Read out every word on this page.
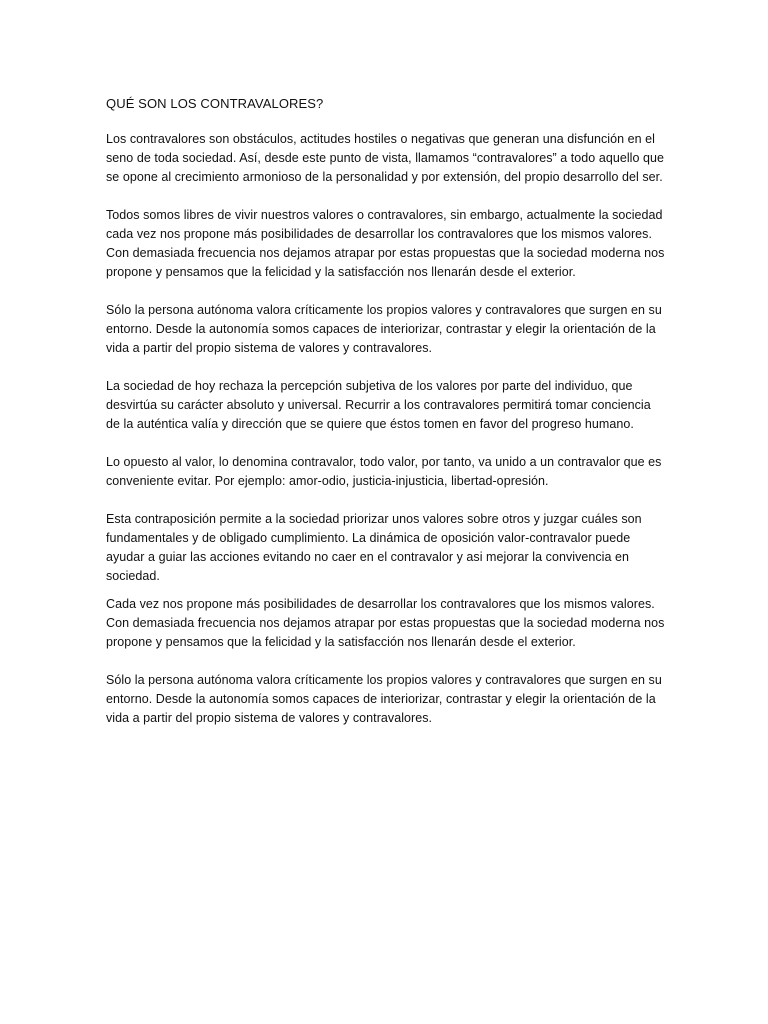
QUÉ SON LOS CONTRAVALORES?

Los contravalores son obstáculos, actitudes hostiles o negativas que generan una disfunción en el seno de toda sociedad. Así, desde este punto de vista, llamamos “contravalores” a todo aquello que se opone al crecimiento armonioso de la personalidad y por extensión, del propio desarrollo del ser.

Todos somos libres de vivir nuestros valores o contravalores, sin embargo, actualmente la sociedad cada vez nos propone más posibilidades de desarrollar los contravalores que los mismos valores. Con demasiada frecuencia nos dejamos atrapar por estas propuestas que la sociedad moderna nos propone y pensamos que la felicidad y la satisfacción nos llenarán desde el exterior.

Sólo la persona autónoma valora críticamente los propios valores y contravalores que surgen en su entorno. Desde la autonomía somos capaces de interiorizar, contrastar y elegir la orientación de la vida a partir del propio sistema de valores y contravalores.

La sociedad de hoy rechaza la percepción subjetiva de los valores por parte del individuo, que desvirtúa su carácter absoluto y universal. Recurrir a los contravalores permitirá tomar conciencia de la auténtica valía y dirección que se quiere que éstos tomen en favor del progreso humano.

Lo opuesto al valor, lo denomina contravalor, todo valor, por tanto, va unido a un contravalor que es conveniente evitar. Por ejemplo: amor-odio, justicia-injusticia, libertad-opresión.

Esta contraposición permite a la sociedad priorizar unos valores sobre otros y juzgar cuáles son fundamentales y de obligado cumplimiento. La dinámica de oposición valor-contravalor puede ayudar a guiar las acciones evitando no caer en el contravalor y asi mejorar la convivencia en sociedad.

Cada vez nos propone más posibilidades de desarrollar los contravalores que los mismos valores. Con demasiada frecuencia nos dejamos atrapar por estas propuestas que la sociedad moderna nos propone y pensamos que la felicidad y la satisfacción nos llenarán desde el exterior.

Sólo la persona autónoma valora críticamente los propios valores y contravalores que surgen en su entorno. Desde la autonomía somos capaces de interiorizar, contrastar y elegir la orientación de la vida a partir del propio sistema de valores y contravalores.
